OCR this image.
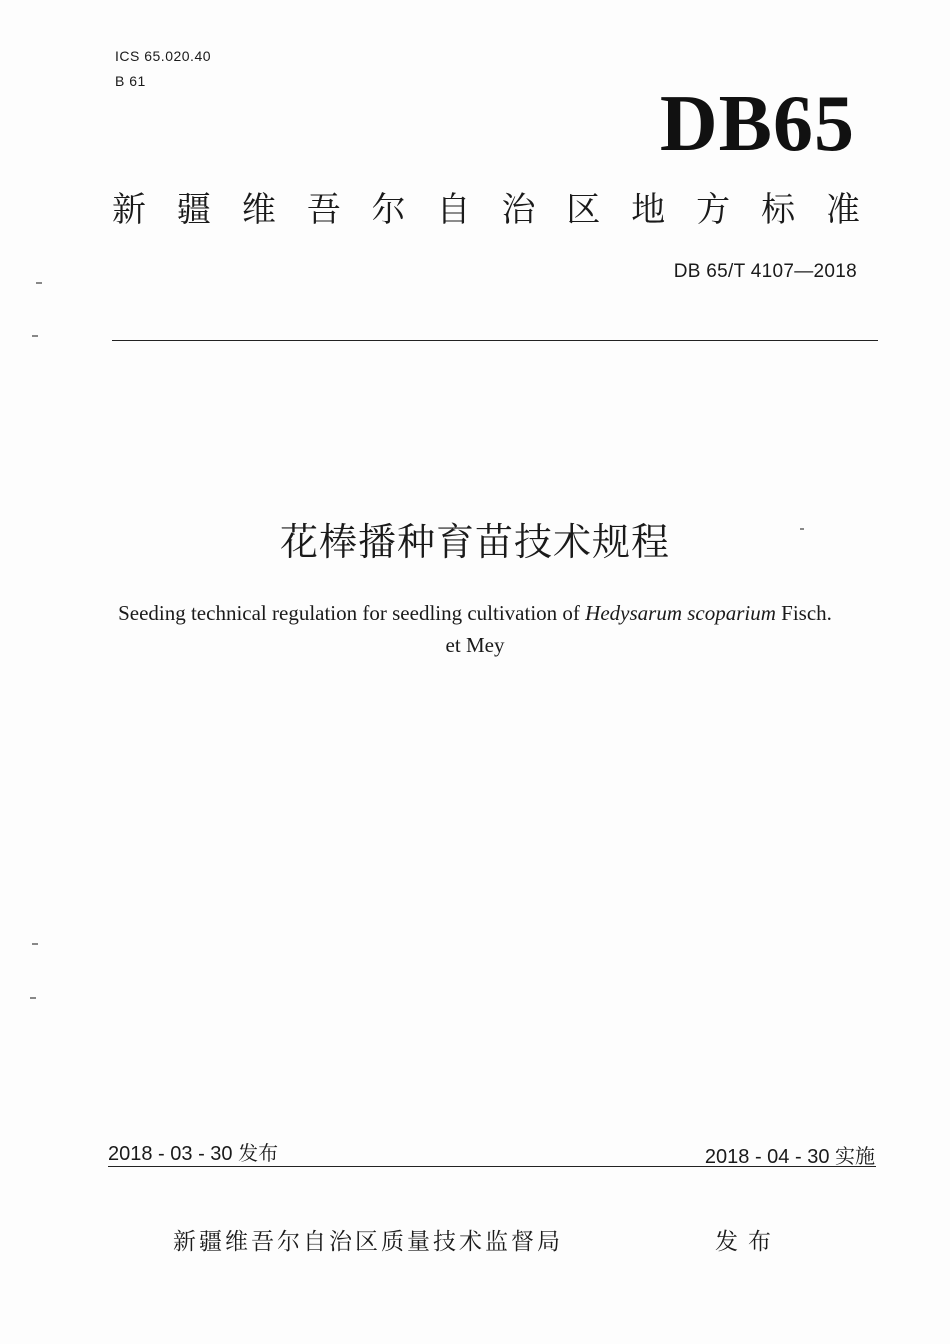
ICS 65.020.40
B 61	DB65
新 疆 维 吾 尔 自 治 区 地 方 标 准
DB 65/T 4107—2018
花棒播种育苗技术规程
Seeding technical regulation for seedling cultivation of Hedysarum scoparium Fisch.
et Mey
2018 - 03 - 30 发布	2018 - 04 - 30 实施
新疆维吾尔自治区质量技术监督局	发布
